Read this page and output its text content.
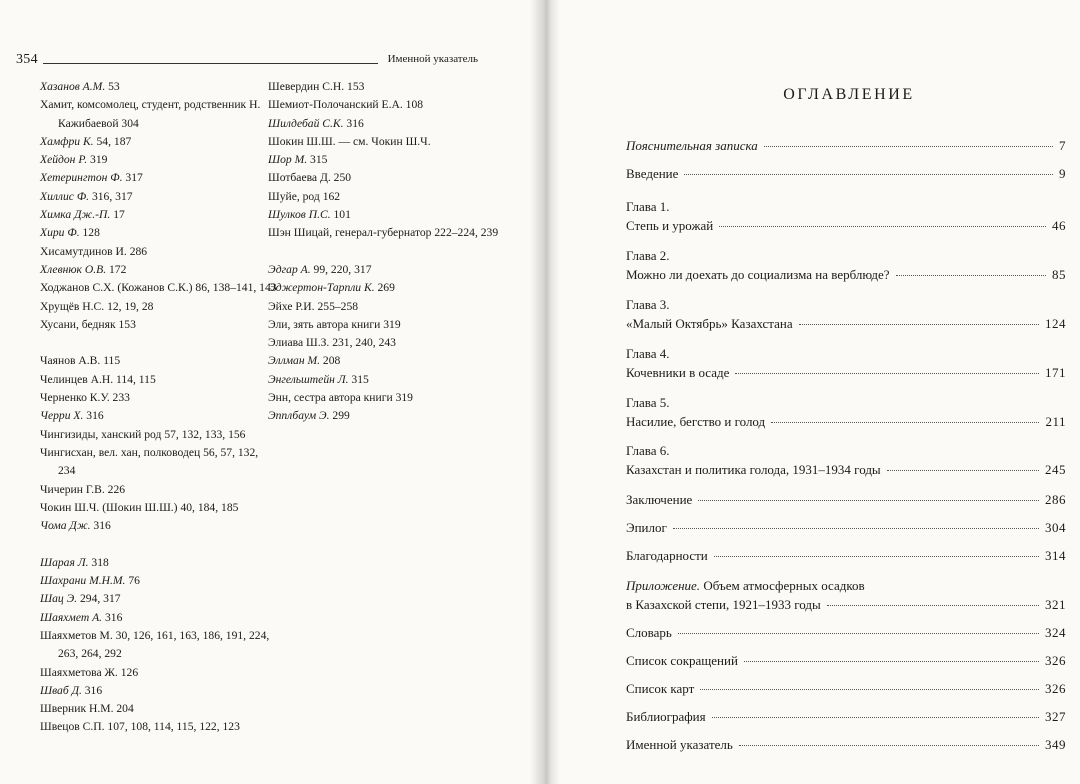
354	Именной указатель
Хазанов А.М. 53
Хамит, комсомолец, студент, родственник Н. Кажибаевой 304
Хамфри К. 54, 187
Хейдон Р. 319
Хетерингтон Ф. 317
Хиллис Ф. 316, 317
Химка Дж.-П. 17
Хири Ф. 128
Хисамутдинов И. 286
Хлевнюк О.В. 172
Ходжанов С.Х. (Кожанов С.К.) 86, 138–141, 143
Хрущёв Н.С. 12, 19, 28
Хусани, бедняк 153
Чаянов А.В. 115
Челинцев А.Н. 114, 115
Черненко К.У. 233
Черри Х. 316
Чингизиды, ханский род 57, 132, 133, 156
Чингисхан, вел. хан, полководец 56, 57, 132, 234
Чичерин Г.В. 226
Чокин Ш.Ч. (Шокин Ш.Ш.) 40, 184, 185
Чома Дж. 316
Шарая Л. 318
Шахрани М.Н.М. 76
Шац Э. 294, 317
Шаяхмет А. 316
Шаяхметов М. 30, 126, 161, 163, 186, 191, 224, 263, 264, 292
Шаяхметова Ж. 126
Шваб Д. 316
Шверник Н.М. 204
Швецов С.П. 107, 108, 114, 115, 122, 123
Шевердин С.Н. 153
Шемиот-Полочанский Е.А. 108
Шилдебай С.К. 316
Шокин Ш.Ш. — см. Чокин Ш.Ч.
Шор М. 315
Шотбаева Д. 250
Шуйе, род 162
Шулков П.С. 101
Шэн Шицай, генерал-губернатор 222–224, 239
Эдгар А. 99, 220, 317
Эджертон-Тарпли К. 269
Эйхе Р.И. 255–258
Эли, зять автора книги 319
Элиава Ш.З. 231, 240, 243
Эллман М. 208
Энгельштейн Л. 315
Энн, сестра автора книги 319
Эпплбаум Э. 299
ОГЛАВЛЕНИЕ
Пояснительная записка	7
Введение	9
Глава 1.
Степь и урожай	46
Глава 2.
Можно ли доехать до социализма на верблюде?	85
Глава 3.
«Малый Октябрь» Казахстана	124
Глава 4.
Кочевники в осаде	171
Глава 5.
Насилие, бегство и голод	211
Глава 6.
Казахстан и политика голода, 1931–1934 годы	245
Заключение	286
Эпилог	304
Благодарности	314
Приложение. Объем атмосферных осадков
в Казахской степи, 1921–1933 годы	321
Словарь	324
Список сокращений	326
Список карт	326
Библиография	327
Именной указатель	349
